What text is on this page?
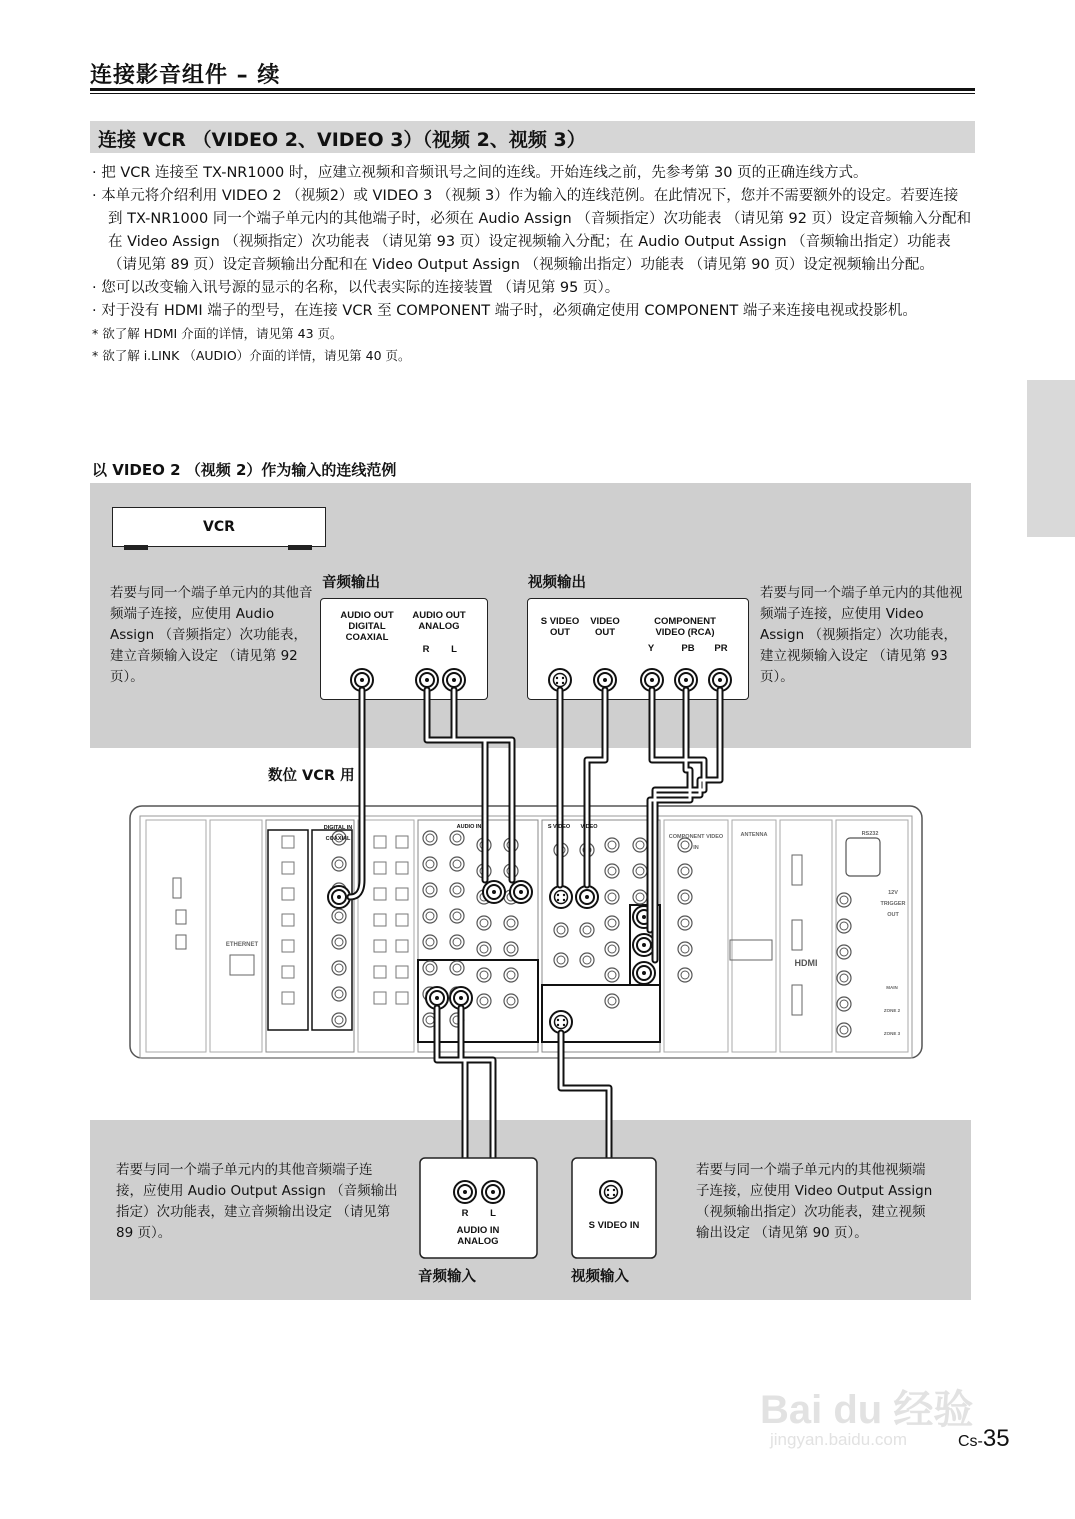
连接影音组件 – 续
连接 VCR （VIDEO 2、VIDEO 3）（视频 2、视频 3）

· 把 VCR 连接至 TX-NR1000 时，应建立视频和音频讯号之间的连线。开始连线之前，先参考第 30 页的正确连线方式。

· 本单元将介绍利用 VIDEO 2 （视频2）或 VIDEO 3 （视频 3）作为输入的连线范例。在此情况下，您并不需要额外的设定。若要连接到 TX-NR1000 同一个端子单元内的其他端子时，必须在 Audio Assign （音频指定）次功能表 （请见第 92 页）设定音频输入分配和在 Video Assign （视频指定）次功能表 （请见第 93 页）设定视频输入分配；在 Audio Output Assign （音频输出指定）功能表 （请见第 89 页）设定音频输出分配和在 Video Output Assign （视频输出指定）功能表 （请见第 90 页）设定视频输出分配。

· 您可以改变输入讯号源的显示的名称，以代表实际的连接装置 （请见第 95 页）。

· 对于没有 HDMI 端子的型号，在连接 VCR 至 COMPONENT 端子时，必须确定使用 COMPONENT 端子来连接电视或投影机。

* 欲了解 HDMI 介面的详情，请见第 43 页。

* 欲了解 i.LINK （AUDIO）介面的详情，请见第 40 页。

以 VIDEO 2 （视频 2）作为输入的连线范例
VCR
若要与同一个端子单元内的其他音频端子连接，应使用 Audio Assign （音频指定）次功能表，建立音频输入设定 （请见第 92 页）。
若要与同一个端子单元内的其他视频端子连接，应使用 Video Assign （视频指定）次功能表，建立视频输入设定 （请见第 93 页）。
音频输出	视频输出
AUDIO OUT DIGITAL COAXIAL
AUDIO OUT ANALOG
R	L
S VIDEO OUT
VIDEO OUT
COMPONENT VIDEO (RCA)
Y	PB	PR
数位 VCR 用
ETHERNET
DIGITAL IN COAXIAL
AUDIO IN	S VIDEO	VIDEO
COMPONENT VIDEO IN
ANTENNA
HDMI
RS232
12V TRIGGER OUT
MAIN
ZONE 2
ZONE 3
R	L
AUDIO IN ANALOG
S VIDEO IN
音频输入	视频输入
若要与同一个端子单元内的其他音频端子连接，应使用 Audio Output Assign （音频输出指定）次功能表，建立音频输出设定 （请见第 89 页）。
若要与同一个端子单元内的其他视频端子连接，应使用 Video Output Assign （视频输出指定）次功能表，建立视频输出设定 （请见第 90 页）。
Bai du 经验
jingyan.baidu.com	Cs-35
